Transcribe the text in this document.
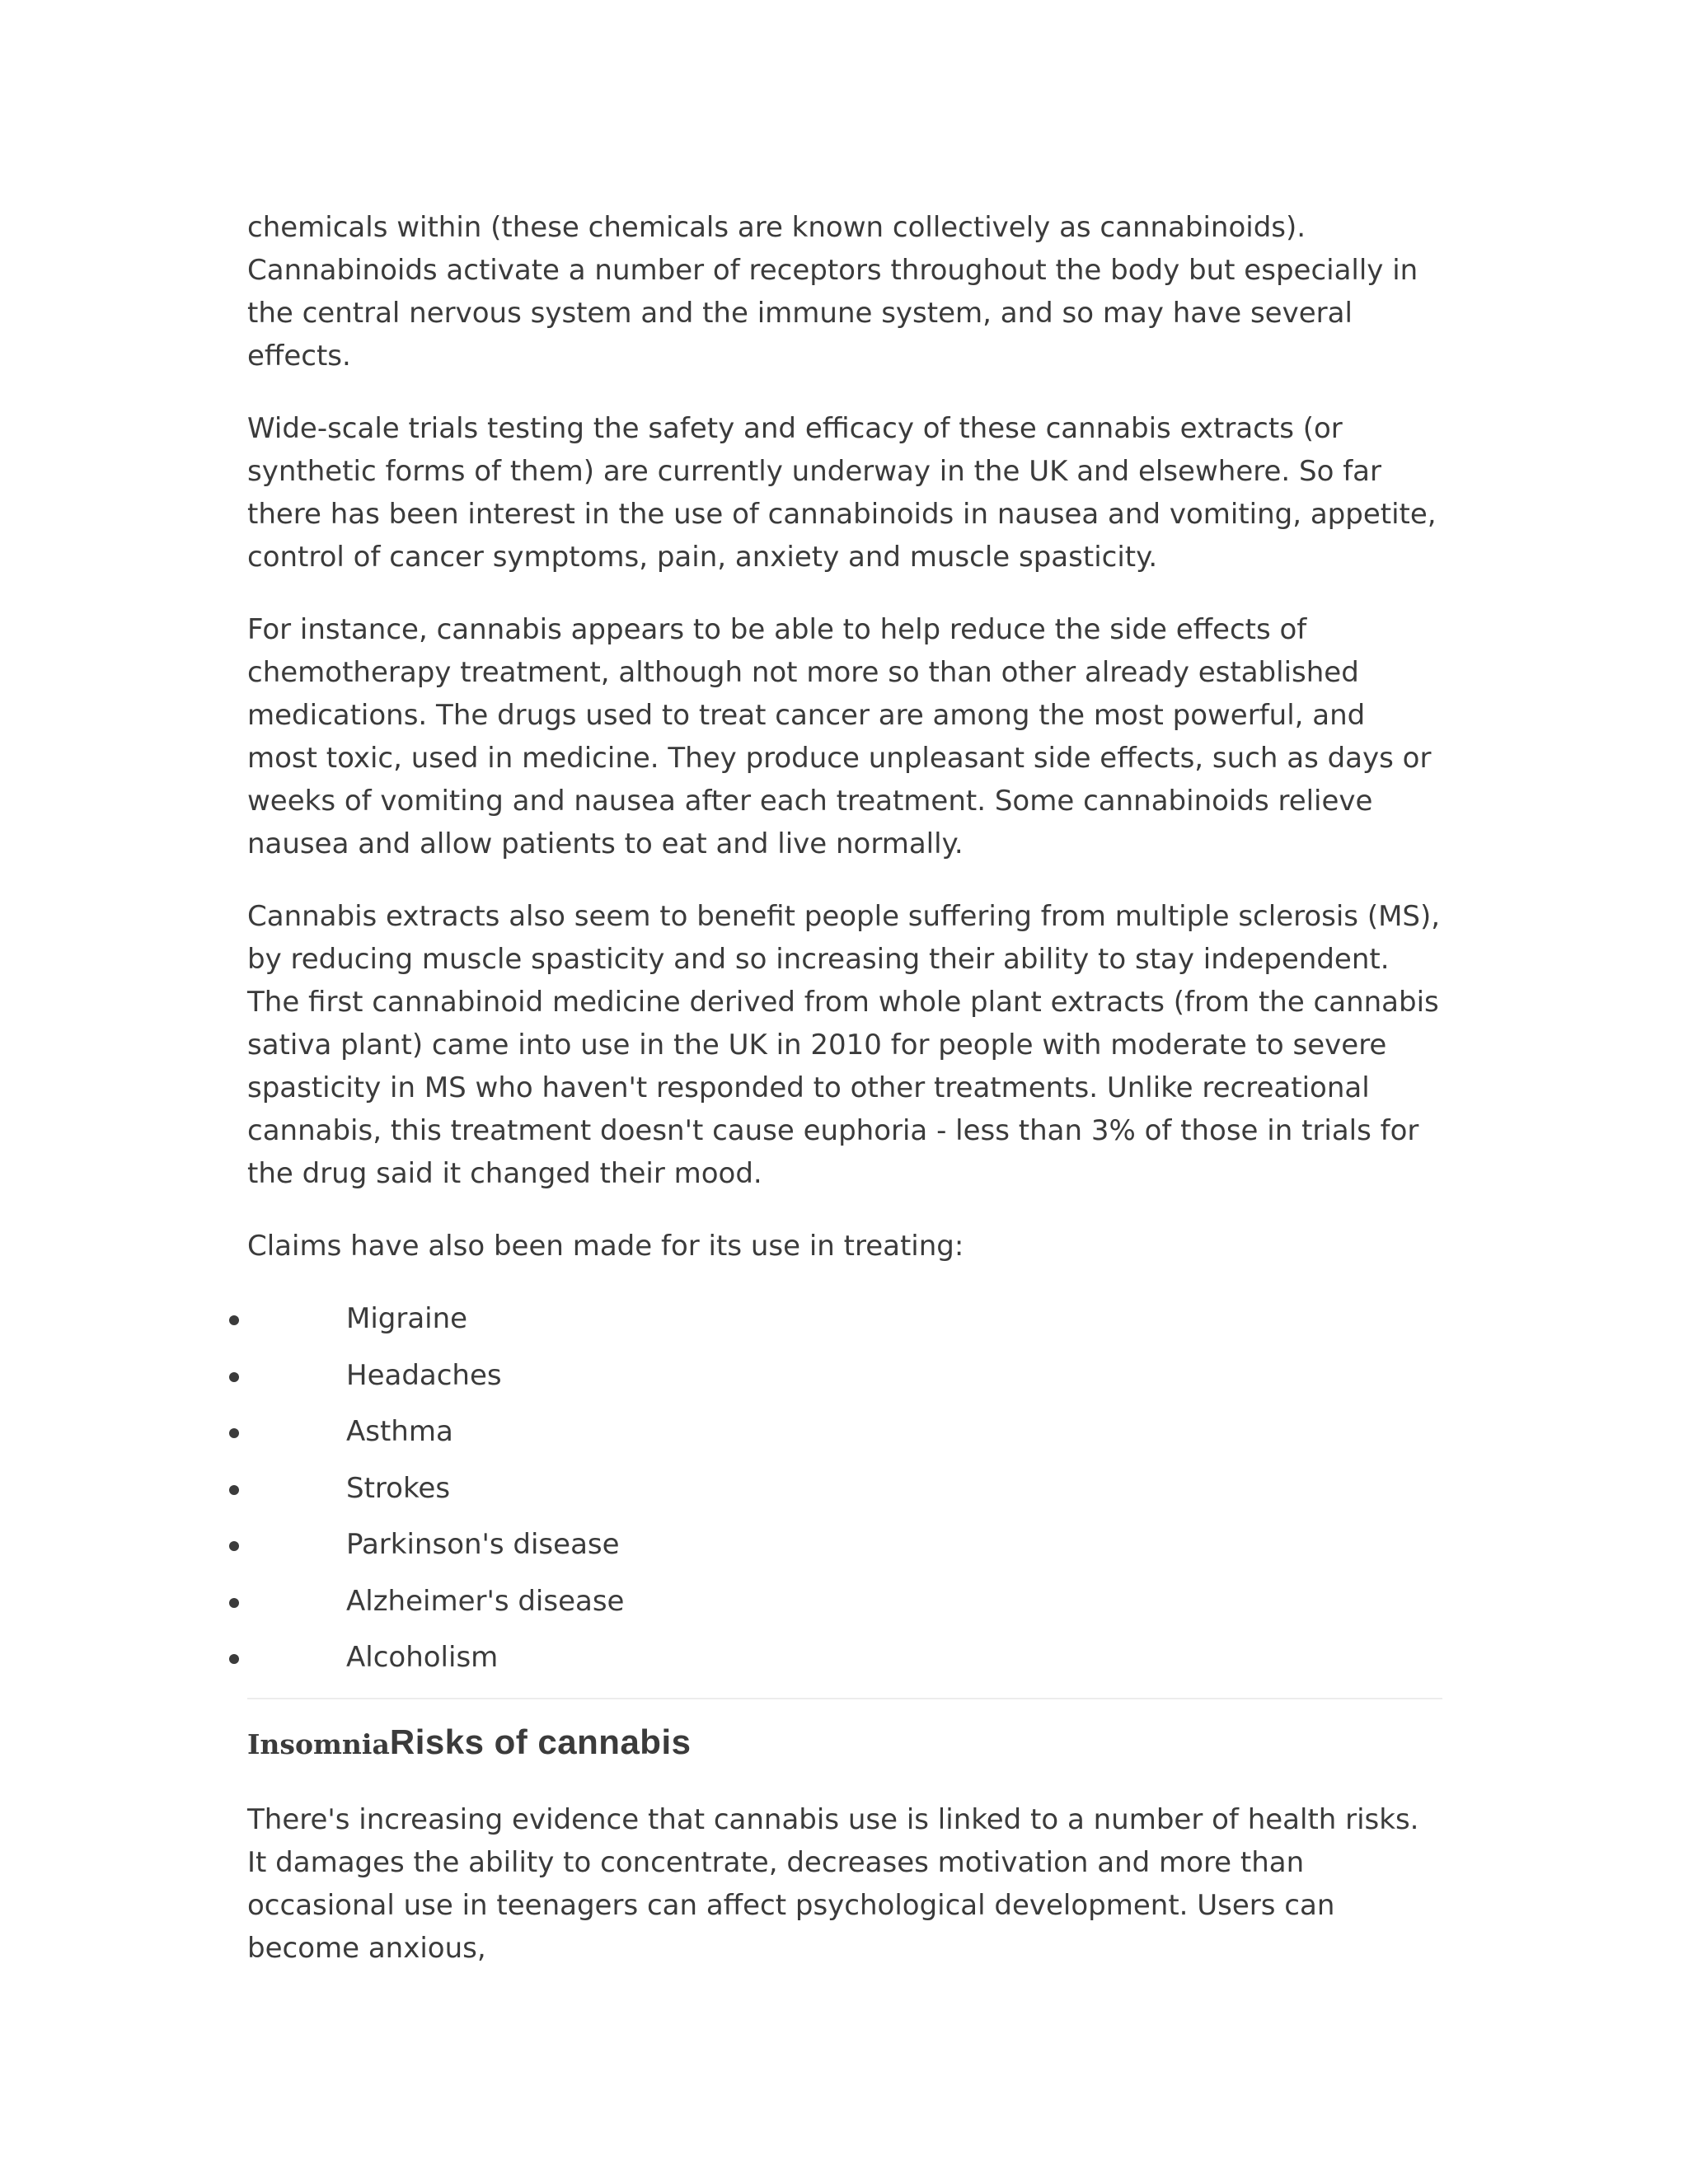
chemicals within (these chemicals are known collectively as cannabinoids). Cannabinoids activate a number of receptors throughout the body but especially in the central nervous system and the immune system, and so may have several effects.

Wide-scale trials testing the safety and efficacy of these cannabis extracts (or synthetic forms of them) are currently underway in the UK and elsewhere. So far there has been interest in the use of cannabinoids in nausea and vomiting, appetite, control of cancer symptoms, pain, anxiety and muscle spasticity.

For instance, cannabis appears to be able to help reduce the side effects of chemotherapy treatment, although not more so than other already established medications. The drugs used to treat cancer are among the most powerful, and most toxic, used in medicine. They produce unpleasant side effects, such as days or weeks of vomiting and nausea after each treatment. Some cannabinoids relieve nausea and allow patients to eat and live normally.

Cannabis extracts also seem to benefit people suffering from multiple sclerosis (MS), by reducing muscle spasticity and so increasing their ability to stay independent. The first cannabinoid medicine derived from whole plant extracts (from the cannabis sativa plant) came into use in the UK in 2010 for people with moderate to severe spasticity in MS who haven't responded to other treatments. Unlike recreational cannabis, this treatment doesn't cause euphoria - less than 3% of those in trials for the drug said it changed their mood.

Claims have also been made for its use in treating:

Migraine
Headaches
Asthma
Strokes
Parkinson's disease
Alzheimer's disease
Alcoholism
InsomniaRisks of cannabis

There's increasing evidence that cannabis use is linked to a number of health risks. It damages the ability to concentrate, decreases motivation and more than occasional use in teenagers can affect psychological development. Users can become anxious,
